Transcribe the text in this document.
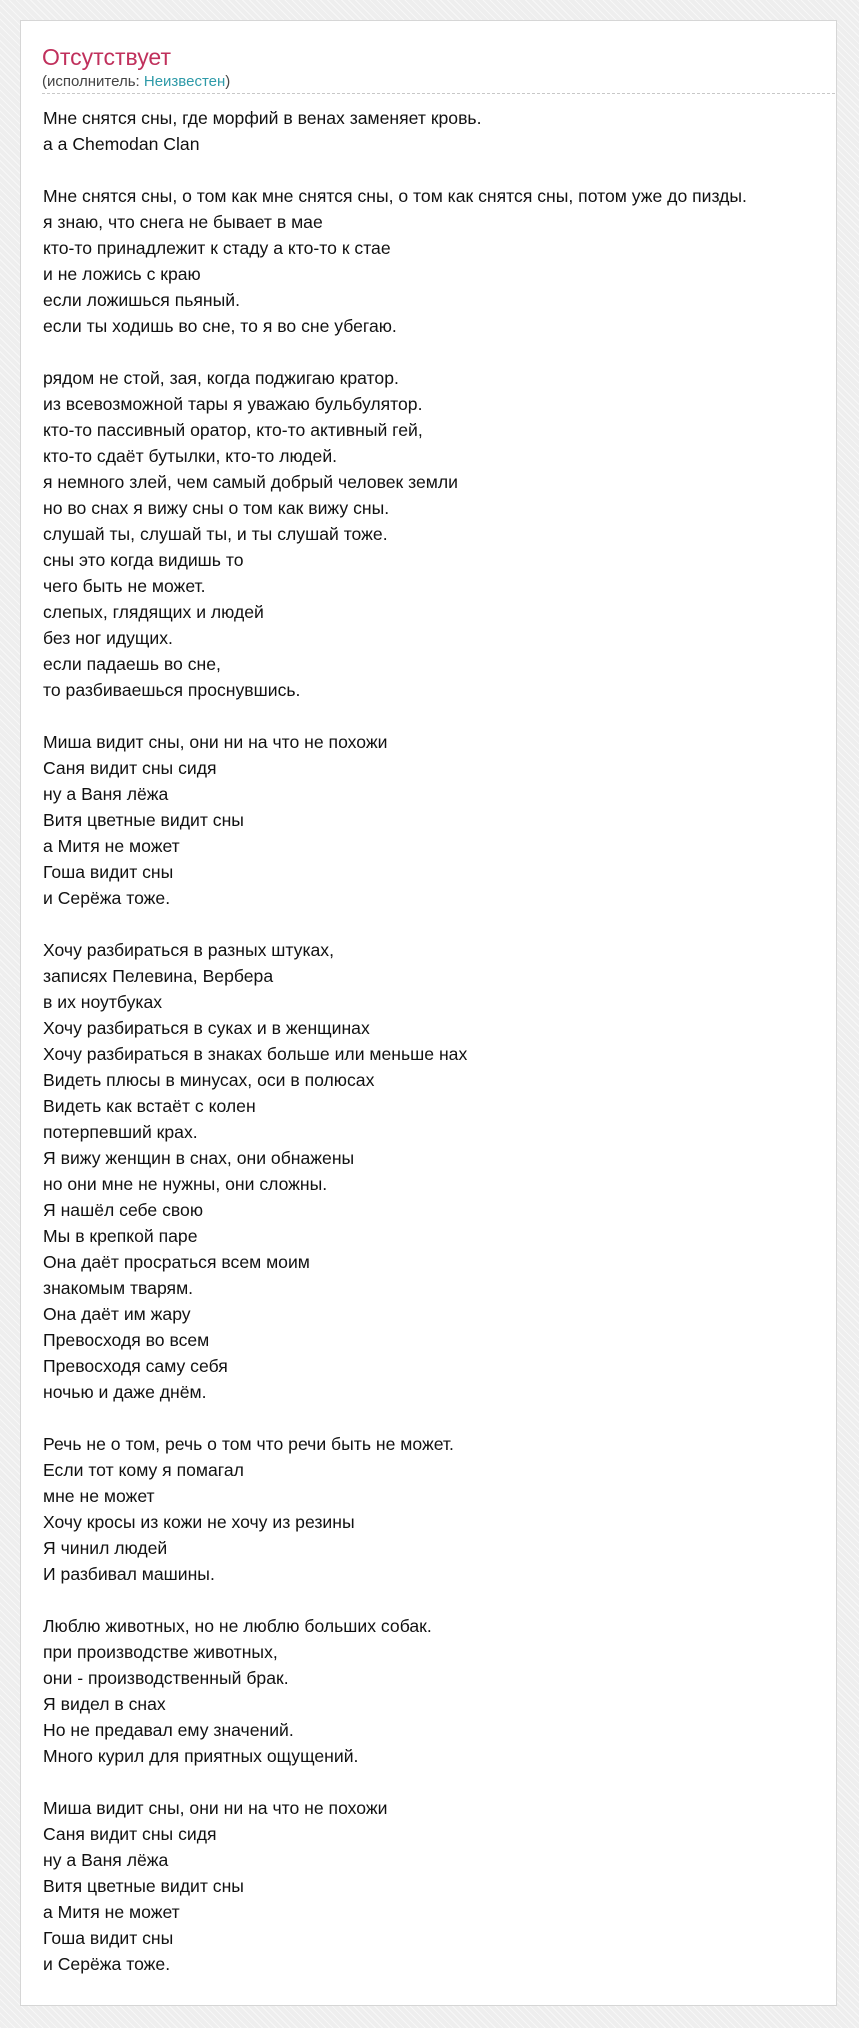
Отсутствует
(исполнитель: Неизвестен)
Мне снятся сны, где морфий в венах заменяет кровь.
а а Chemodan Clan
Мне снятся сны, о том как мне снятся сны, о том как снятся сны, потом уже до пизды.
я знаю, что снега не бывает в мае
кто-то принадлежит к стаду а кто-то к стае
и не ложись с краю
если ложишься пьяный.
если ты ходишь во сне, то я во сне убегаю.
рядом не стой, зая, когда поджигаю кратор.
из всевозможной тары я уважаю бульбулятор.
кто-то пассивный оратор, кто-то активный гей,
кто-то сдаёт бутылки, кто-то людей.
я немного злей, чем самый добрый человек земли
но во снах я вижу сны о том как вижу сны.
слушай ты, слушай ты, и ты слушай тоже.
сны это когда видишь то
чего быть не может.
слепых, глядящих и людей
без ног идущих.
если падаешь во сне,
то разбиваешься проснувшись.
Миша видит сны, они ни на что не похожи
Саня видит сны сидя
ну а Ваня лёжа
Витя цветные видит сны
а Митя не может
Гоша видит сны
и Серёжа тоже.
Хочу разбираться в разных штуках,
записях Пелевина, Вербера
в их ноутбуках
Хочу разбираться в суках и в женщинах
Хочу разбираться в знаках больше или меньше нах
Видеть плюсы в минусах, оси в полюсах
Видеть как встаёт с колен
потерпевший крах.
Я вижу женщин в снах, они обнажены
но они мне не нужны, они сложны.
Я нашёл себе свою
Мы в крепкой паре
Она даёт просраться всем моим
знакомым тварям.
Она даёт им жару
Превосходя во всем
Превосходя саму себя
ночью и даже днём.
Речь не о том, речь о том что речи быть не может.
Если тот кому я помагал
мне не может
Хочу кросы из кожи не хочу из резины
Я чинил людей
И разбивал машины.
Люблю животных, но не люблю больших собак.
при производстве животных,
они - производственный брак.
Я видел в снах
Но не предавал ему значений.
Много курил для приятных ощущений.
Миша видит сны, они ни на что не похожи
Саня видит сны сидя
ну а Ваня лёжа
Витя цветные видит сны
а Митя не может
Гоша видит сны
и Серёжа тоже.
